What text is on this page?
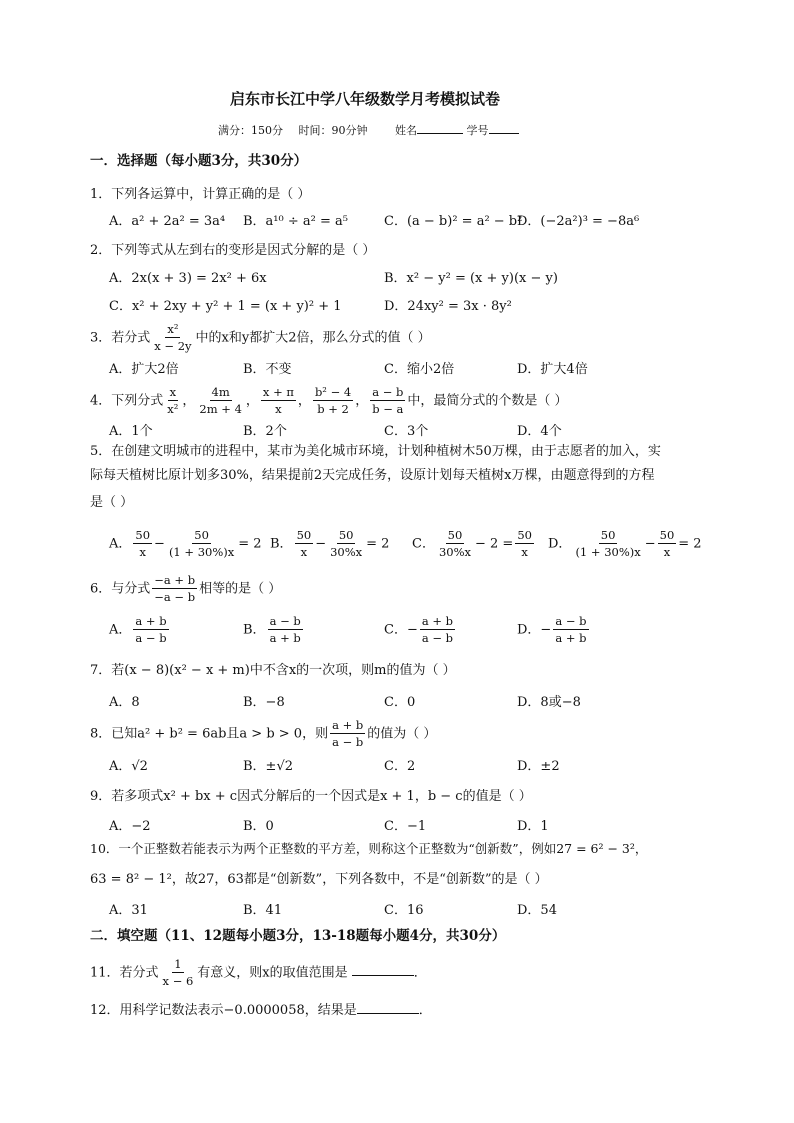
启东市长江中学八年级数学月考模拟试卷
满分：150分 时间：90分钟	姓名	学号
一．选择题（每小题3分，共30分）
1．下列各运算中，计算正确的是（ ）
A．a² + 2a² = 3a⁴ B．a¹⁰ ÷ a² = a⁵	C．(a − b)² = a² − b²
D．(−2a²)³ = −8a⁶
2．下列等式从左到右的变形是因式分解的是（ ）
A．2x(x + 3) = 2x² + 6x	B．x² − y² = (x + y)(x − y)
C．x² + 2xy + y² + 1 = (x + y)² + 1	D．24xy² = 3x · 8y²
3．若分式 $\frac{\text{x²}}{x - 2y}$ 中的x和y都扩大2倍，那么分式的值（ ）
A．扩大2倍	B．不变	C．缩小2倍	D．扩大4倍
4．下列分式 $\frac{x}{\text{x²}}$ ， $\frac{4m}{2m + 4}$ ， $\frac{x + \pi}{x}$ ， $\frac{\text{b² − 4}}{b + 2}$ ， $\frac{a - b}{b - a}$ 中，最简分式的个数是（ ）
A．1个	B．2个	C．3个	D．4个
5．在创建文明城市的进程中，某市为美化城市环境，计划种植树木50万棵，由于志愿者的加入，实
际每天植树比原计划多30%，结果提前2天完成任务，设原计划每天植树x万棵，由题意得到的方程
是（ ）
A． $\frac{50}{x} - \frac{50}{(1 + 30\%)x} = 2$ B． $\frac{50}{x} - \frac{50}{30\%x} = 2$ C． $\frac{50}{30\%x} - 2 = \frac{50}{x}$ D． $\frac{50}{(1 + 30\%)x} - \frac{50}{x} = 2$
6．与分式 $\frac{-a + b}{-a - b}$ 相等的是（ ）
A． $\frac{a + b}{a - b}$	B． $\frac{a - b}{a + b}$	C．− $\frac{a + b}{a - b}$	D．− $\frac{a - b}{a + b}$
7．若(x − 8)(x² − x + m)中不含x的一次项，则m的值为（ ）
A．8	B．−8	C．0	D．8或−8
8．已知a² + b² = 6ab且a > b > 0，则 $\frac{a + b}{a - b}$ 的值为（ ）
A．√2	B．±√2	C．2	D．±2
9．若多项式x² + bx + c因式分解后的一个因式是x + 1，b − c的值是（ ）
A．−2	B．0	C．−1	D．1
10．一个正整数若能表示为两个正整数的平方差，则称这个正整数为“创新数”，例如27 = 6² − 3²，
63 = 8² − 1²，故27，63都是“创新数”，下列各数中，不是“创新数”的是（ ）
A．31	B．41	C．16	D．54
二．填空题（11、12题每小题3分，13-18题每小题4分，共30分）
11．若分式 $\frac{1}{x - 6}$ 有意义，则x的取值范围是	．
12．用科学记数法表示−0.0000058，结果是	．
